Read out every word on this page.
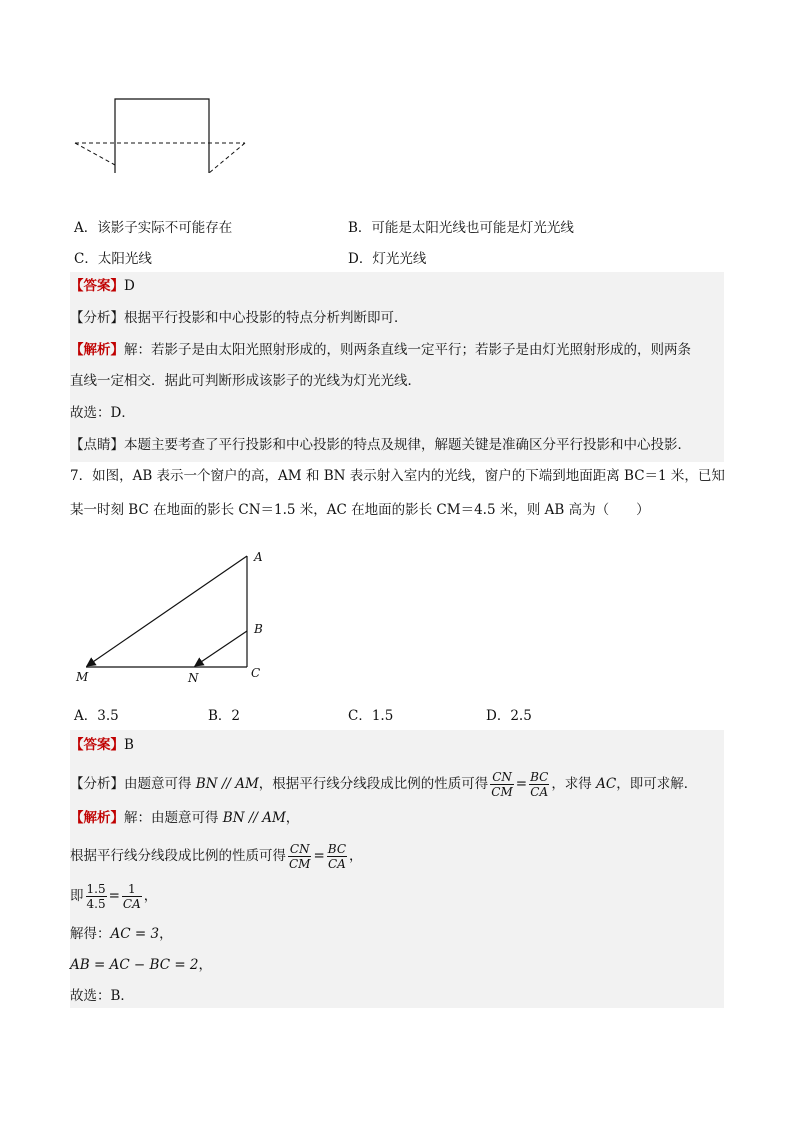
A．该影子实际不可能存在	B．可能是太阳光线也可能是灯光光线
C．太阳光线	D．灯光光线
【答案】D
【分析】根据平行投影和中心投影的特点分析判断即可．
【解析】解：若影子是由太阳光照射形成的，则两条直线一定平行；若影子是由灯光照射形成的，则两条
直线一定相交．据此可判断形成该影子的光线为灯光光线．
故选：D．
【点睛】本题主要考查了平行投影和中心投影的特点及规律，解题关键是准确区分平行投影和中心投影．
7．如图，AB 表示一个窗户的高，AM 和 BN 表示射入室内的光线，窗户的下端到地面距离 BC＝1 米，已知
某一时刻 BC 在地面的影长 CN＝1.5 米，AC 在地面的影长 CM＝4.5 米，则 AB 高为（　　）
A
B
C
M	N
A．3.5	B．2	C．1.5	D．2.5
【答案】B
【分析】由题意可得 BN // AM，根据平行线分线段成比例的性质可得 $\frac{CN}{CM} = \frac{BC}{CA}$ ，求得 AC，即可求解．
【解析】解：由题意可得 BN // AM，
根据平行线分线段成比例的性质可得 $\frac{CN}{CM} = \frac{BC}{CA}$ ，
即 $\frac{1.5}{4.5} = \frac{1}{CA}$ ，
解得：AC = 3，
AB = AC − BC = 2，
故选：B．
